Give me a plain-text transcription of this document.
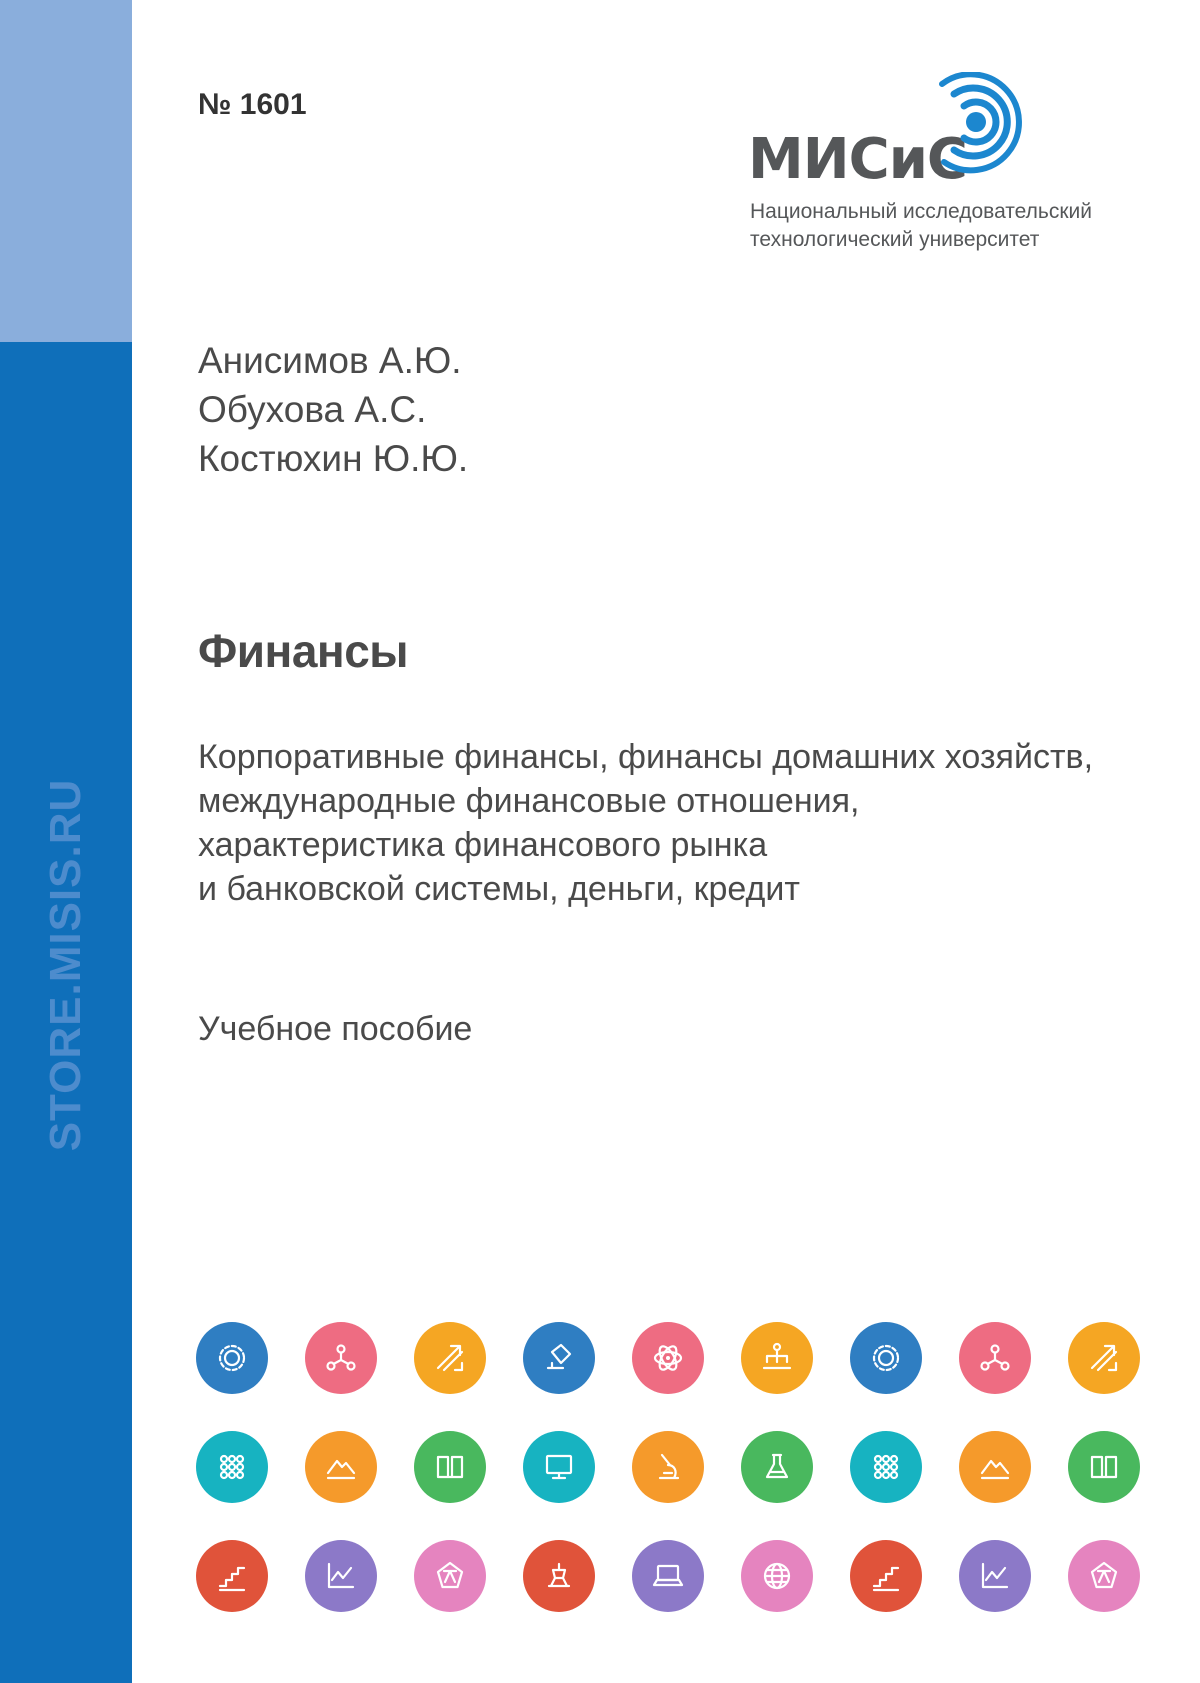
STORE.MISIS.RU
№ 1601
МИСиС
Национальный исследовательский
технологический университет
Анисимов А.Ю.
Обухова А.С.
Костюхин Ю.Ю.
Финансы
Корпоративные финансы, финансы домашних хозяйств,
международные финансовые отношения,
характеристика финансового рынка
и банковской системы, деньги, кредит
Учебное пособие
